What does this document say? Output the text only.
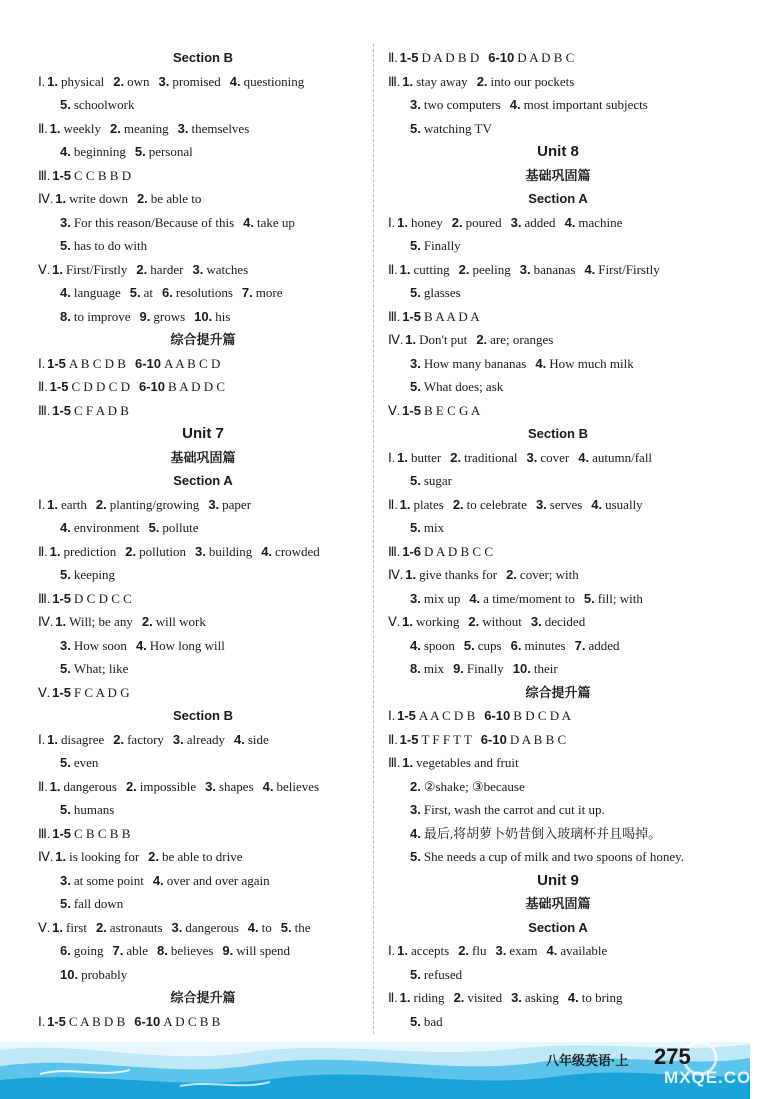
Section B
Ⅰ. 1. physical 2. own 3. promised 4. questioning
5. schoolwork
Ⅱ. 1. weekly 2. meaning 3. themselves
4. beginning 5. personal
Ⅲ. 1-5 C C B B D
Ⅳ. 1. write down 2. be able to
3. For this reason/Because of this 4. take up
5. has to do with
Ⅴ. 1. First/Firstly 2. harder 3. watches
4. language 5. at 6. resolutions 7. more
8. to improve 9. grows 10. his
综合提升篇
Ⅰ. 1-5 A B C D B 6-10 A A B C D
Ⅱ. 1-5 C D D C D 6-10 B A D D C
Ⅲ. 1-5 C F A D B
Unit 7
基础巩固篇
Section A
Ⅰ. 1. earth 2. planting/growing 3. paper
4. environment 5. pollute
Ⅱ. 1. prediction 2. pollution 3. building 4. crowded
5. keeping
Ⅲ. 1-5 D C D C C
Ⅳ. 1. Will; be any 2. will work
3. How soon 4. How long will
5. What; like
Ⅴ. 1-5 F C A D G
Section B
Ⅰ. 1. disagree 2. factory 3. already 4. side
5. even
Ⅱ. 1. dangerous 2. impossible 3. shapes 4. believes
5. humans
Ⅲ. 1-5 C B C B B
Ⅳ. 1. is looking for 2. be able to drive
3. at some point 4. over and over again
5. fall down
Ⅴ. 1. first 2. astronauts 3. dangerous 4. to 5. the
6. going 7. able 8. believes 9. will spend
10. probably
综合提升篇
Ⅰ. 1-5 C A B D B 6-10 A D C B B
Ⅱ. 1-5 D A D B D 6-10 D A D B C
Ⅲ. 1. stay away 2. into our pockets
3. two computers 4. most important subjects
5. watching TV
Unit 8
基础巩固篇
Section A
Ⅰ. 1. honey 2. poured 3. added 4. machine
5. Finally
Ⅱ. 1. cutting 2. peeling 3. bananas 4. First/Firstly
5. glasses
Ⅲ. 1-5 B A A D A
Ⅳ. 1. Don't put 2. are; oranges
3. How many bananas 4. How much milk
5. What does; ask
Ⅴ. 1-5 B E C G A
Section B
Ⅰ. 1. butter 2. traditional 3. cover 4. autumn/fall
5. sugar
Ⅱ. 1. plates 2. to celebrate 3. serves 4. usually
5. mix
Ⅲ. 1-6 D A D B C C
Ⅳ. 1. give thanks for 2. cover; with
3. mix up 4. a time/moment to 5. fill; with
Ⅴ. 1. working 2. without 3. decided
4. spoon 5. cups 6. minutes 7. added
8. mix 9. Finally 10. their
综合提升篇
Ⅰ. 1-5 A A C D B 6-10 B D C D A
Ⅱ. 1-5 T F F T T 6-10 D A B B C
Ⅲ. 1. vegetables and fruit
2. ②shake; ③because
3. First, wash the carrot and cut it up.
4. 最后,将胡萝卜奶昔倒入玻璃杯并且喝掉。
5. She needs a cup of milk and two spoons of honey.
Unit 9
基础巩固篇
Section A
Ⅰ. 1. accepts 2. flu 3. exam 4. available
5. refused
Ⅱ. 1. riding 2. visited 3. asking 4. to bring
5. bad
八年级英语·上 275
MXQE.COM
